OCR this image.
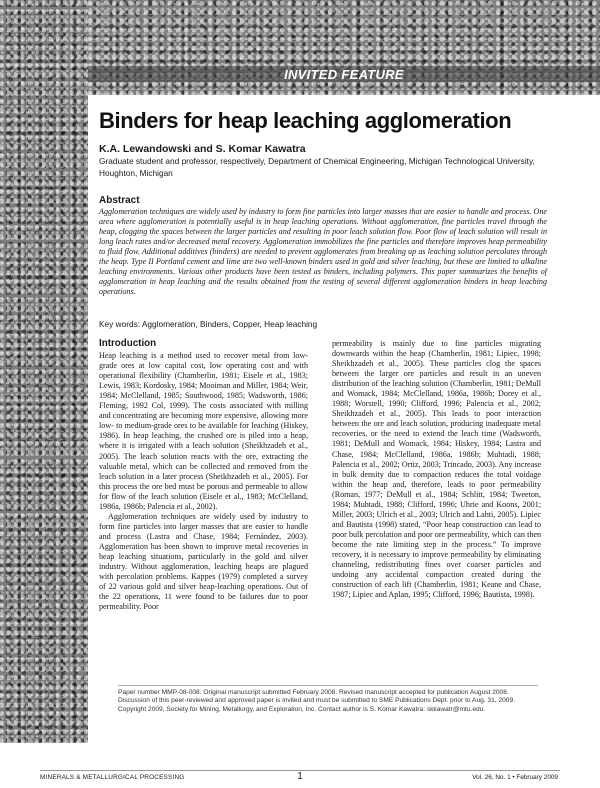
INVITED FEATURE
Binders for heap leaching agglomeration
K.A. Lewandowski and S. Komar Kawatra
Graduate student and professor, respectively, Department of Chemical Engineering, Michigan Technological University, Houghton, Michigan
Abstract

Agglomeration techniques are widely used by industry to form fine particles into larger masses that are easier to handle and process. One area where agglomeration is potentially useful is in heap leaching operations. Without agglomeration, fine particles travel through the heap, clogging the spaces between the larger particles and resulting in poor leach solution flow. Poor flow of leach solution will result in long leach rates and/or decreased metal recovery. Agglomeration immobilizes the fine particles and therefore improves heap permeability to fluid flow. Additional additives (binders) are needed to prevent agglomerates from breaking up as leaching solution percolates through the heap. Type II Portland cement and lime are two well-known binders used in gold and silver leaching, but these are limited to alkaline leaching environments. Various other products have been tested as binders, including polymers. This paper summarizes the benefits of agglomeration in heap leaching and the results obtained from the testing of several different agglomeration binders in heap leaching operations.

Key words: Agglomeration, Binders, Copper, Heap leaching
Introduction

Heap leaching is a method used to recover metal from low-grade ores at low capital cost, low operating cost and with operational flexibility (Chamberlin, 1981; Eisele et al., 1983; Lewis, 1983; Kordosky, 1984; Mooiman and Miller, 1984; Weir, 1984; McClelland, 1985; Southwood, 1985; Wadsworth, 1986; Fleming, 1992 Col, 1999). The costs associated with milling and concentrating are becoming more expensive, allowing more low- to medium-grade ores to be available for leaching (Hiskey, 1986). In heap leaching, the crushed ore is piled into a heap, where it is irrigated with a leach solution (Sheikhzadeh et al., 2005). The leach solution reacts with the ore, extracting the valuable metal, which can be collected and removed from the leach solution in a later process (Sheikhzadeh et al., 2005). For this process the ore bed must be porous and permeable to allow for flow of the leach solution (Eisele et al., 1983; McClelland, 1986a, 1986b; Palencia et al., 2002).

Agglomeration techniques are widely used by industry to form fine particles into larger masses that are easier to handle and process (Lastra and Chase, 1984; Fernández, 2003). Agglomeration has been shown to improve metal recoveries in heap leaching situations, particularly in the gold and silver industry. Without agglomeration, leaching heaps are plagued with percolation problems. Kappes (1979) completed a survey of 22 various gold and silver heap-leaching operations. Out of the 22 operations, 11 were found to be failures due to poor permeability. Poor

permeability is mainly due to fine particles migrating downwards within the heap (Chamberlin, 1981; Lipiec, 1998; Sheikhzadeh et al., 2005). These particles clog the spaces between the larger ore particles and result in an uneven distribution of the leaching solution (Chamberlin, 1981; DeMull and Womack, 1984; McClelland, 1986a, 1986b; Dorey et al., 1988; Worstell, 1990; Clifford, 1996; Palencia et al., 2002; Sheikhzadeh et al., 2005). This leads to poor interaction between the ore and leach solution, producing inadequate metal recoveries, or the need to extend the leach time (Wadsworth, 1981; DeMull and Womack, 1984; Hiskey, 1984; Lastra and Chase, 1984; McClelland, 1986a, 1986b; Muhtadi, 1988; Palencia et al., 2002; Ortiz, 2003; Trincado, 2003). Any increase in bulk density due to compaction reduces the total voidage within the heap and, therefore, leads to poor permeability (Roman, 1977; DeMull et al., 1984; Schlitt, 1984; Tweeton, 1984; Muhtadi, 1988; Clifford, 1996; Uhrie and Koons, 2001; Miller, 2003; Ulrich et al., 2003; Ulrich and Lahti, 2005). Lipiec and Bautista (1998) stated, “Poor heap construction can lead to poor bulk percolation and poor ore permeability, which can then become the rate limiting step in the process.” To improve recovery, it is necessary to improve permeability by eliminating channeling, redistributing fines over coarser particles and undoing any accidental compaction created during the construction of each lift (Chamberlin, 1981; Keane and Chase, 1987; Lipiec and Aplan, 1995; Clifford, 1996; Bautista, 1998).

Paper number MMP-08-008. Original manuscript submitted February 2008. Revised manuscript accepted for publication August 2008. Discussion of this peer-reviewed and approved paper is invited and must be submitted to SME Publications Dept. prior to Aug. 31, 2009. Copyright 2009, Society for Mining, Metallurgy, and Exploration, Inc. Contact author is S. Komar Kawatra: skkawatr@mtu.edu.

MINERALS & METALLURGICAL PROCESSING	1	Vol. 26, No. 1 • February 2009
